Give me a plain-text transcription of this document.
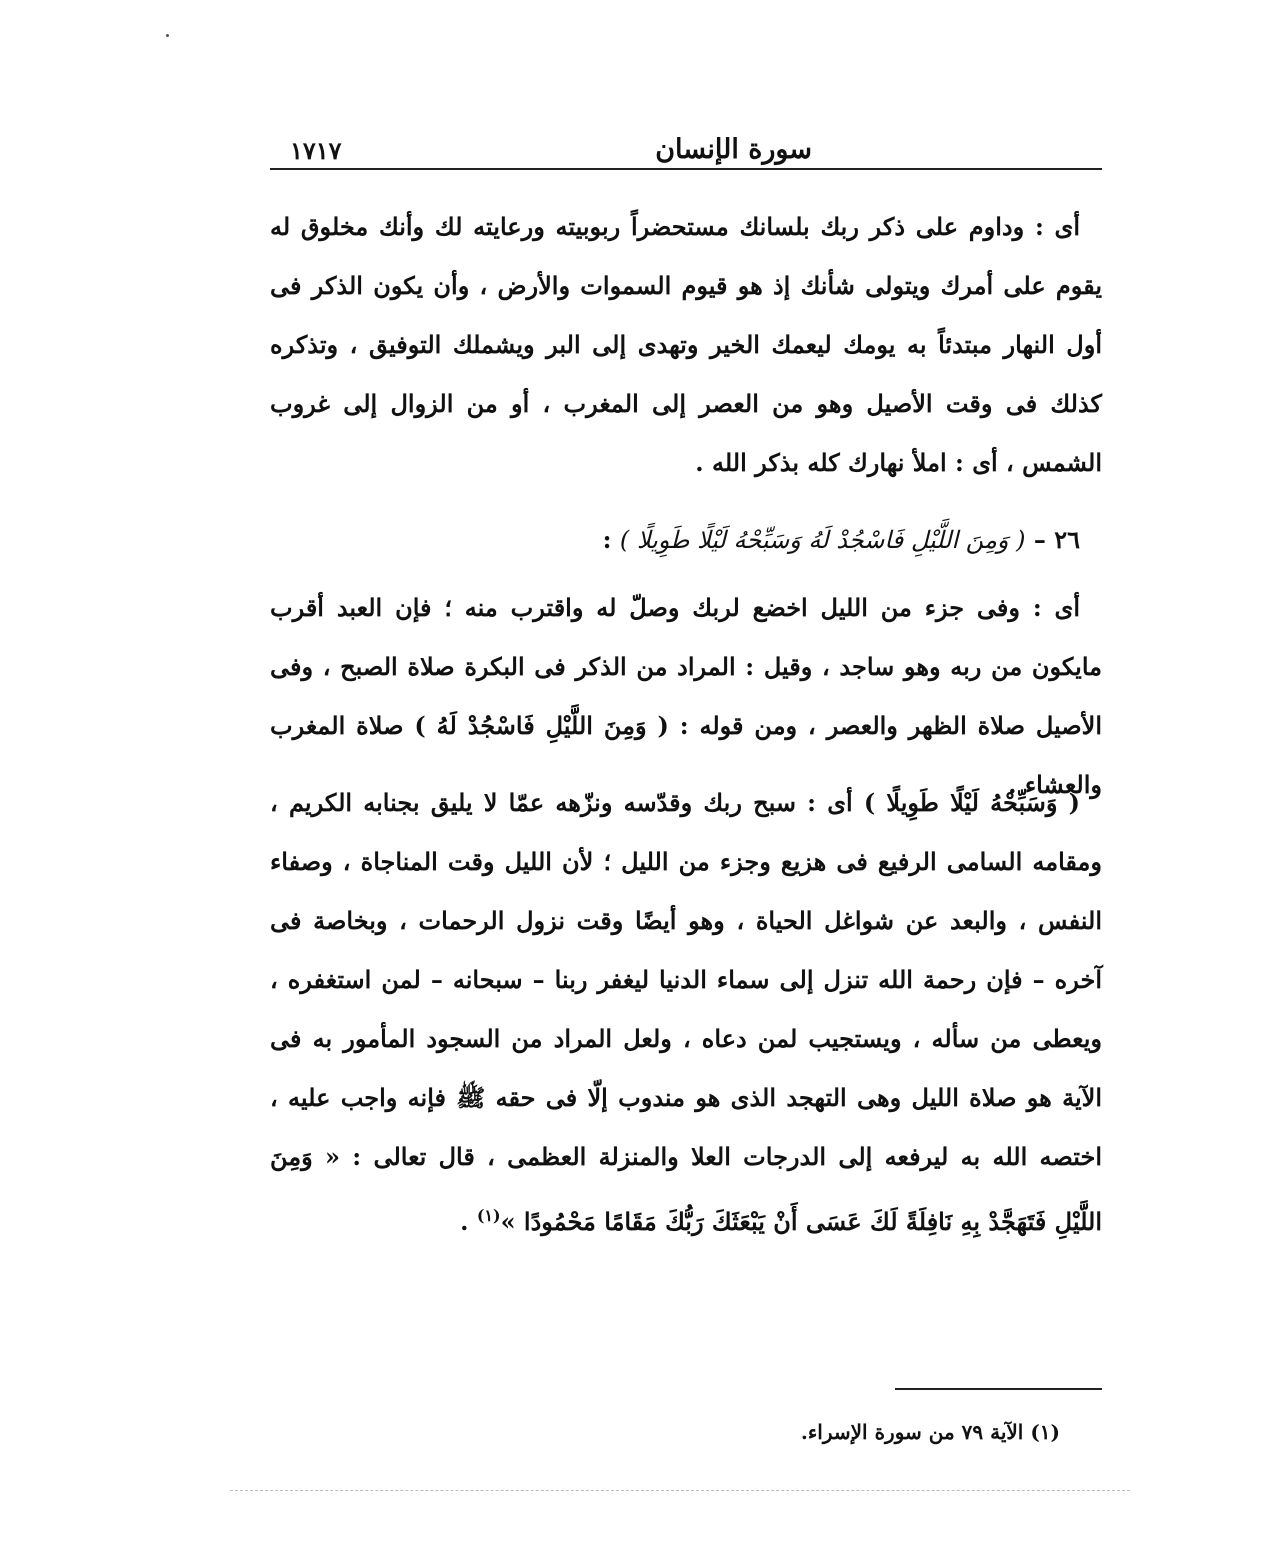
سورة الإنسان
١٧١٧
أى : وداوم على ذكر ربك بلسانك مستحضراً ربوبيته ورعايته لك وأنك مخلوق له يقوم على أمرك ويتولى شأنك إذ هو قيوم السموات والأرض ، وأن يكون الذكر فى أول النهار مبتدئاً به يومك ليعمك الخير وتهدى إلى البر ويشملك التوفيق ، وتذكره كذلك فى وقت الأصيل وهو من العصر إلى المغرب ، أو من الزوال إلى غروب الشمس ، أى : املأ نهارك كله بذكر الله .
٢٦ – ( وَمِنَ اللَّيْلِ فَاسْجُدْ لَهُ وَسَبِّحْهُ لَيْلًا طَوِيلًا ) :
أى : وفى جزء من الليل اخضع لربك وصلّ له واقترب منه ؛ فإن العبد أقرب مايكون من ربه وهو ساجد ، وقيل : المراد من الذكر فى البكرة صلاة الصبح ، وفى الأصيل صلاة الظهر والعصر ، ومن قوله : ( وَمِنَ اللَّيْلِ فَاسْجُدْ لَهُ ) صلاة المغرب والعشاء .
( وَسَبِّحْهُ لَيْلًا طَوِيلًا ) أى : سبح ربك وقدّسه ونزّهه عمّا لا يليق بجنابه الكريم ، ومقامه السامى الرفيع فى هزيع وجزء من الليل ؛ لأن الليل وقت المناجاة ، وصفاء النفس ، والبعد عن شواغل الحياة ، وهو أيضًا وقت نزول الرحمات ، وبخاصة فى آخره – فإن رحمة الله تنزل إلى سماء الدنيا ليغفر ربنا – سبحانه – لمن استغفره ، ويعطى من سأله ، ويستجيب لمن دعاه ، ولعل المراد من السجود المأمور به فى الآية هو صلاة الليل وهى التهجد الذى هو مندوب إلّا فى حقه ﷺ فإنه واجب عليه ، اختصه الله به ليرفعه إلى الدرجات العلا والمنزلة العظمى ، قال تعالى : « وَمِنَ اللَّيْلِ فَتَهَجَّدْ بِهِ نَافِلَةً لَكَ عَسَى أَنْ يَبْعَثَكَ رَبُّكَ مَقَامًا مَحْمُودًا »$^{(١)}$ .
(١) الآية ٧٩ من سورة الإسراء.
